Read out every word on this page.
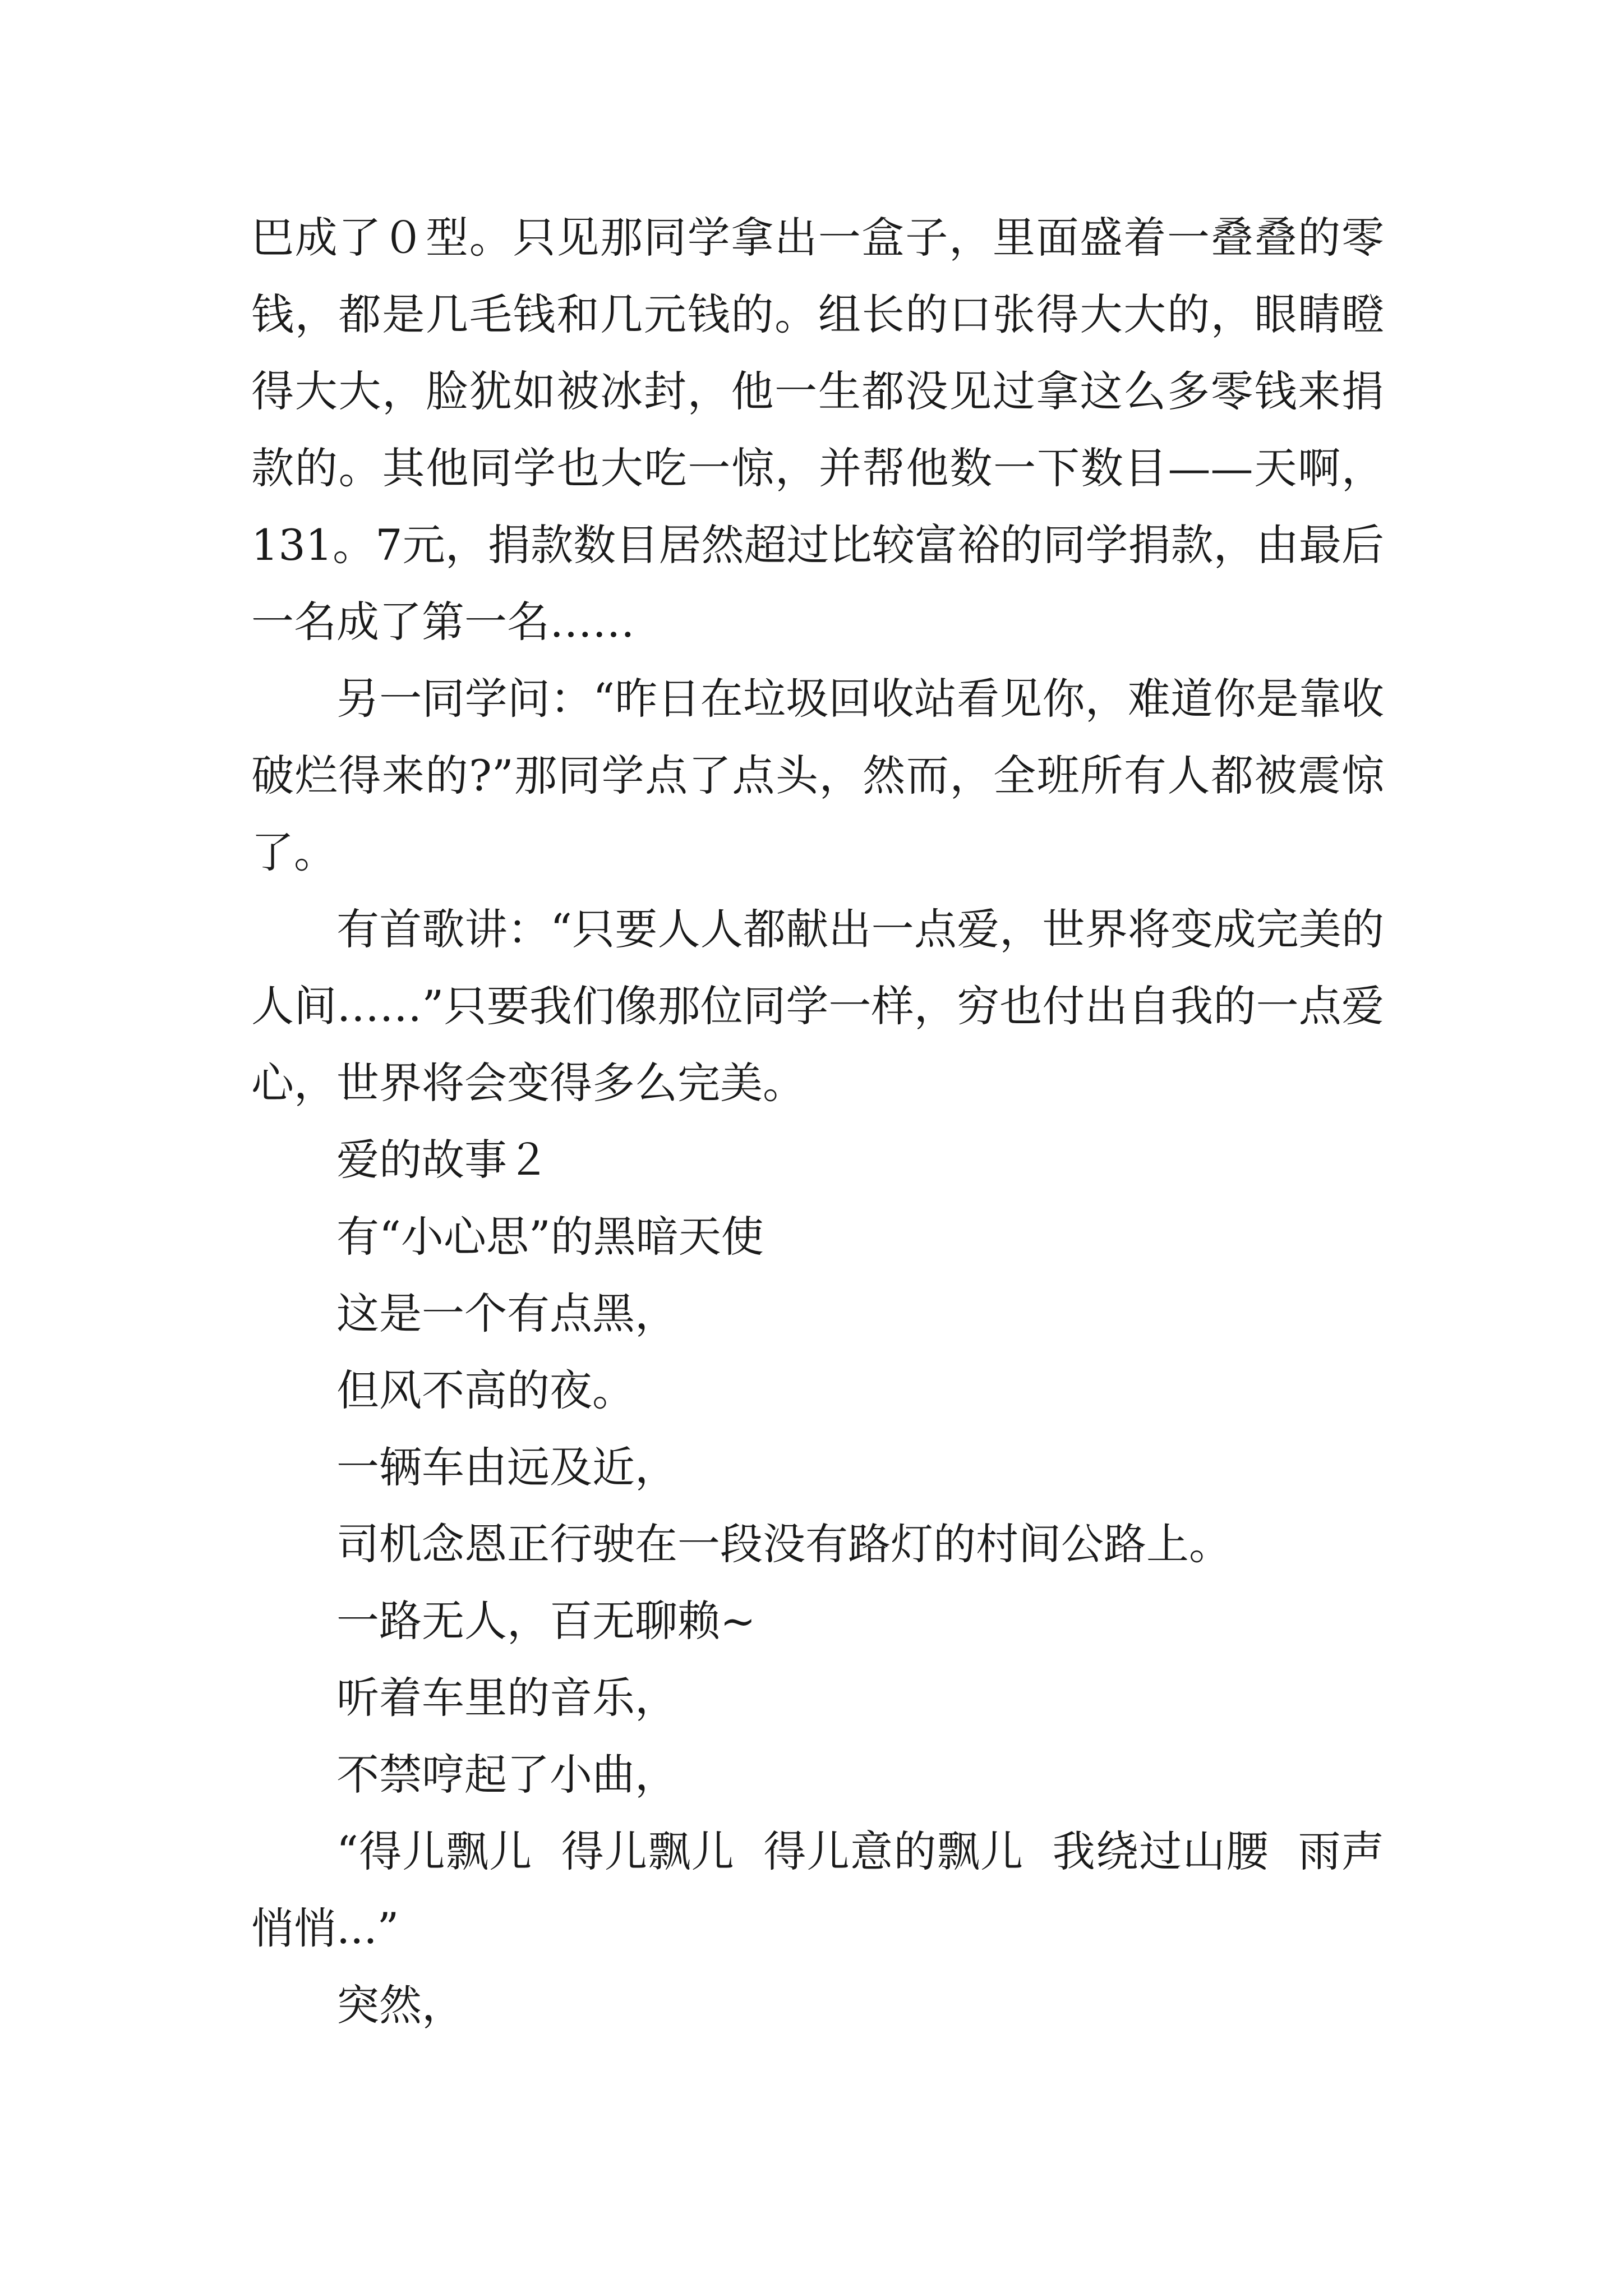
巴成了０型。只见那同学拿出一盒子，里面盛着一叠叠的零钱，都是几毛钱和几元钱的。组长的口张得大大的，眼睛瞪得大大，脸犹如被冰封，他一生都没见过拿这么多零钱来捐款的。其他同学也大吃一惊，并帮他数一下数目——天啊，131。7元，捐款数目居然超过比较富裕的同学捐款，由最后一名成了第一名……

另一同学问：“昨日在垃圾回收站看见你，难道你是靠收破烂得来的?”那同学点了点头，然而，全班所有人都被震惊了。

有首歌讲：“只要人人都献出一点爱，世界将变成完美的人间……”只要我们像那位同学一样，穷也付出自我的一点爱心，世界将会变得多么完美。

爱的故事２
有“小心思”的黑暗天使
这是一个有点黑，
但风不高的夜。
一辆车由远及近，
司机念恩正行驶在一段没有路灯的村间公路上。
一路无人，百无聊赖~
听着车里的音乐，
不禁哼起了小曲，

“得儿飘儿  得儿飘儿  得儿意的飘儿  我绕过山腰  雨声悄悄...”

突然，
